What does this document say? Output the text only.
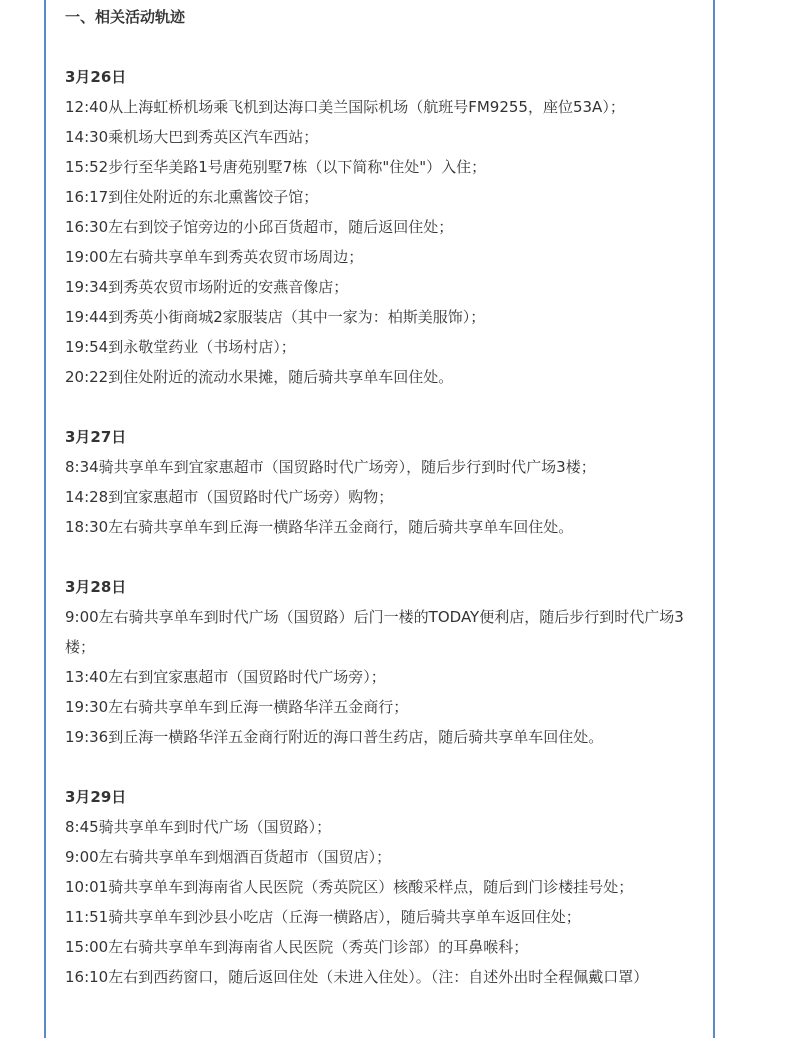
一、相关活动轨迹
3月26日
12:40从上海虹桥机场乘飞机到达海口美兰国际机场（航班号FM9255，座位53A）；
14:30乘机场大巴到秀英区汽车西站；
15:52步行至华美路1号唐苑别墅7栋（以下简称"住处"）入住；
16:17到住处附近的东北熏酱饺子馆；
16:30左右到饺子馆旁边的小邱百货超市，随后返回住处；
19:00左右骑共享单车到秀英农贸市场周边；
19:34到秀英农贸市场附近的安燕音像店；
19:44到秀英小街商城2家服装店（其中一家为：柏斯美服饰）；
19:54到永敬堂药业（书场村店）；
20:22到住处附近的流动水果摊，随后骑共享单车回住处。
3月27日
8:34骑共享单车到宜家惠超市（国贸路时代广场旁），随后步行到时代广场3楼；
14:28到宜家惠超市（国贸路时代广场旁）购物；
18:30左右骑共享单车到丘海一横路华洋五金商行，随后骑共享单车回住处。
3月28日
9:00左右骑共享单车到时代广场（国贸路）后门一楼的TODAY便利店，随后步行到时代广场3楼；
13:40左右到宜家惠超市（国贸路时代广场旁）；
19:30左右骑共享单车到丘海一横路华洋五金商行；
19:36到丘海一横路华洋五金商行附近的海口普生药店，随后骑共享单车回住处。
3月29日
8:45骑共享单车到时代广场（国贸路）；
9:00左右骑共享单车到烟酒百货超市（国贸店）；
10:01骑共享单车到海南省人民医院（秀英院区）核酸采样点，随后到门诊楼挂号处；
11:51骑共享单车到沙县小吃店（丘海一横路店），随后骑共享单车返回住处；
15:00左右骑共享单车到海南省人民医院（秀英门诊部）的耳鼻喉科；
16:10左右到西药窗口，随后返回住处（未进入住处）。（注：自述外出时全程佩戴口罩）
